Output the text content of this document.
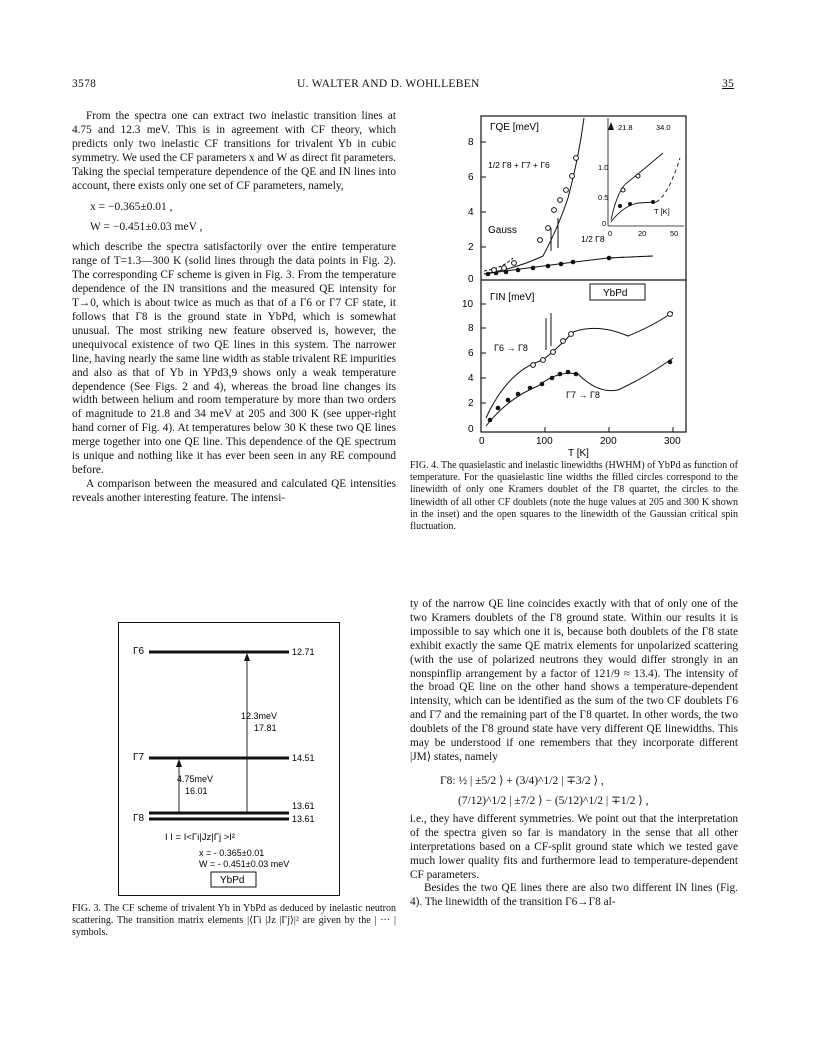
3578	U. WALTER AND D. WOHLLEBEN	35

From the spectra one can extract two inelastic transition lines at 4.75 and 12.3 meV. This is in agreement with CF theory, which predicts only two inelastic CF transitions for trivalent Yb in cubic symmetry. We used the CF parameters x and W as direct fit parameters. Taking the special temperature dependence of the QE and IN lines into account, there exists only one set of CF parameters, namely,

x = −0.365±0.01 ,
W = −0.451±0.03 meV ,

which describe the spectra satisfactorily over the entire temperature range of T=1.3—300 K (solid lines through the data points in Fig. 2). The corresponding CF scheme is given in Fig. 3. From the temperature dependence of the IN transitions and the measured QE intensity for T→0, which is about twice as much as that of a Γ6 or Γ7 CF state, it follows that Γ8 is the ground state in YbPd, which is somewhat unusual. The most striking new feature observed is, however, the unequivocal existence of two QE lines in this system. The narrower line, having nearly the same line width as stable trivalent RE impurities and also as that of Yb in YPd3,9 shows only a weak temperature dependence (See Figs. 2 and 4), whereas the broad line changes its width between helium and room temperature by more than two orders of magnitude to 21.8 and 34 meV at 205 and 300 K (see upper-right hand corner of Fig. 4). At temperatures below 30 K these two QE lines merge together into one QE line. This dependence of the QE spectrum is unique and nothing like it has ever been seen in any RE compound before.

A comparison between the measured and calculated QE intensities reveals another interesting feature. The intensi-

Γ6	12.71
Γ7	14.51
Γ8
13.61
13.61
12.3meV
17.81
4.75meV
16.01
I I = I<Γi|Jz|Γj >I²
x = - 0.365±0.01
W = - 0.451±0.03 meV
YbPd

FIG. 3. The CF scheme of trivalent Yb in YbPd as deduced by inelastic neutron scattering. The transition matrix elements |⟨Γi |Jz |Γj⟩|² are given by the | ··· | symbols.

0
2
4
6
8
0
2
4
6
8
10
0	100	200	300
T [K]
ΓQE [meV]
1/2 Γ8 + Γ7 + Γ6
Gauss
1/2 Γ8
21.8	34.0
1.0
0.5
0
0	20	50
T [K]
ΓIN [meV]	YbPd
Γ6 → Γ8
Γ7 → Γ8

FIG. 4. The quasielastic and inelastic linewidths (HWHM) of YbPd as function of temperature. For the quasielastic line widths the filled circles correspond to the linewidth of only one Kramers doublet of the Γ8 quartet, the circles to the linewidth of all other CF doublets (note the huge values at 205 and 300 K shown in the inset) and the open squares to the linewidth of the Gaussian critical spin fluctuation.

ty of the narrow QE line coincides exactly with that of only one of the two Kramers doublets of the Γ8 ground state. Within our results it is impossible to say which one it is, because both doublets of the Γ8 state exhibit exactly the same QE matrix elements for unpolarized scattering (with the use of polarized neutrons they would differ strongly in an nonspinflip arrangement by a factor of 121/9 ≈ 13.4). The intensity of the broad QE line on the other hand shows a temperature-dependent intensity, which can be identified as the sum of the two CF doublets Γ6 and Γ7 and the remaining part of the Γ8 quartet. In other words, the two doublets of the Γ8 ground state have very different QE linewidths. This may be understood if one remembers that they incorporate different |JM⟩ states, namely

Γ8: ½ | ±5/2 ⟩ + (3/4)^1/2 | ∓3/2 ⟩ ,
(7/12)^1/2 | ±7/2 ⟩ − (5/12)^1/2 | ∓1/2 ⟩ ,

i.e., they have different symmetries. We point out that the interpretation of the spectra given so far is mandatory in the sense that all other interpretations based on a CF-split ground state which we tested gave much lower quality fits and furthermore lead to temperature-dependent CF parameters.

Besides the two QE lines there are also two different IN lines (Fig. 4). The linewidth of the transition Γ6→Γ8 al-
